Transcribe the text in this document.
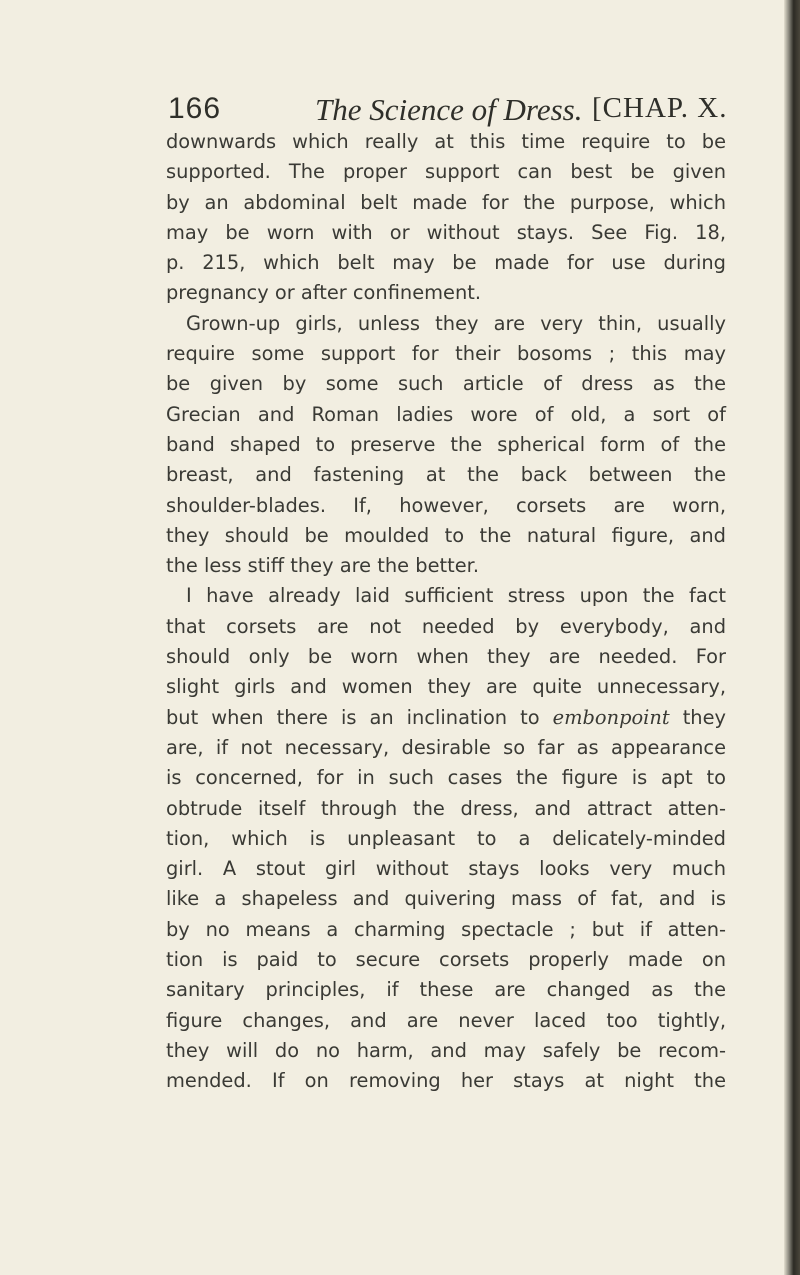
166	The Science of Dress. [CHAP. X.
downwards which really at this time require to be
supported. The proper support can best be given
by an abdominal belt made for the purpose, which
may be worn with or without stays. See Fig. 18,
p. 215, which belt may be made for use during
pregnancy or after confinement.
Grown-up girls, unless they are very thin, usually
require some support for their bosoms ; this may
be given by some such article of dress as the
Grecian and Roman ladies wore of old, a sort of
band shaped to preserve the spherical form of the
breast, and fastening at the back between the
shoulder-blades. If, however, corsets are worn,
they should be moulded to the natural figure, and
the less stiff they are the better.
I have already laid sufficient stress upon the fact
that corsets are not needed by everybody, and
should only be worn when they are needed. For
slight girls and women they are quite unnecessary,
but when there is an inclination to embonpoint they
are, if not necessary, desirable so far as appearance
is concerned, for in such cases the figure is apt to
obtrude itself through the dress, and attract atten-
tion, which is unpleasant to a delicately-minded
girl. A stout girl without stays looks very much
like a shapeless and quivering mass of fat, and is
by no means a charming spectacle ; but if atten-
tion is paid to secure corsets properly made on
sanitary principles, if these are changed as the
figure changes, and are never laced too tightly,
they will do no harm, and may safely be recom-
mended. If on removing her stays at night the
